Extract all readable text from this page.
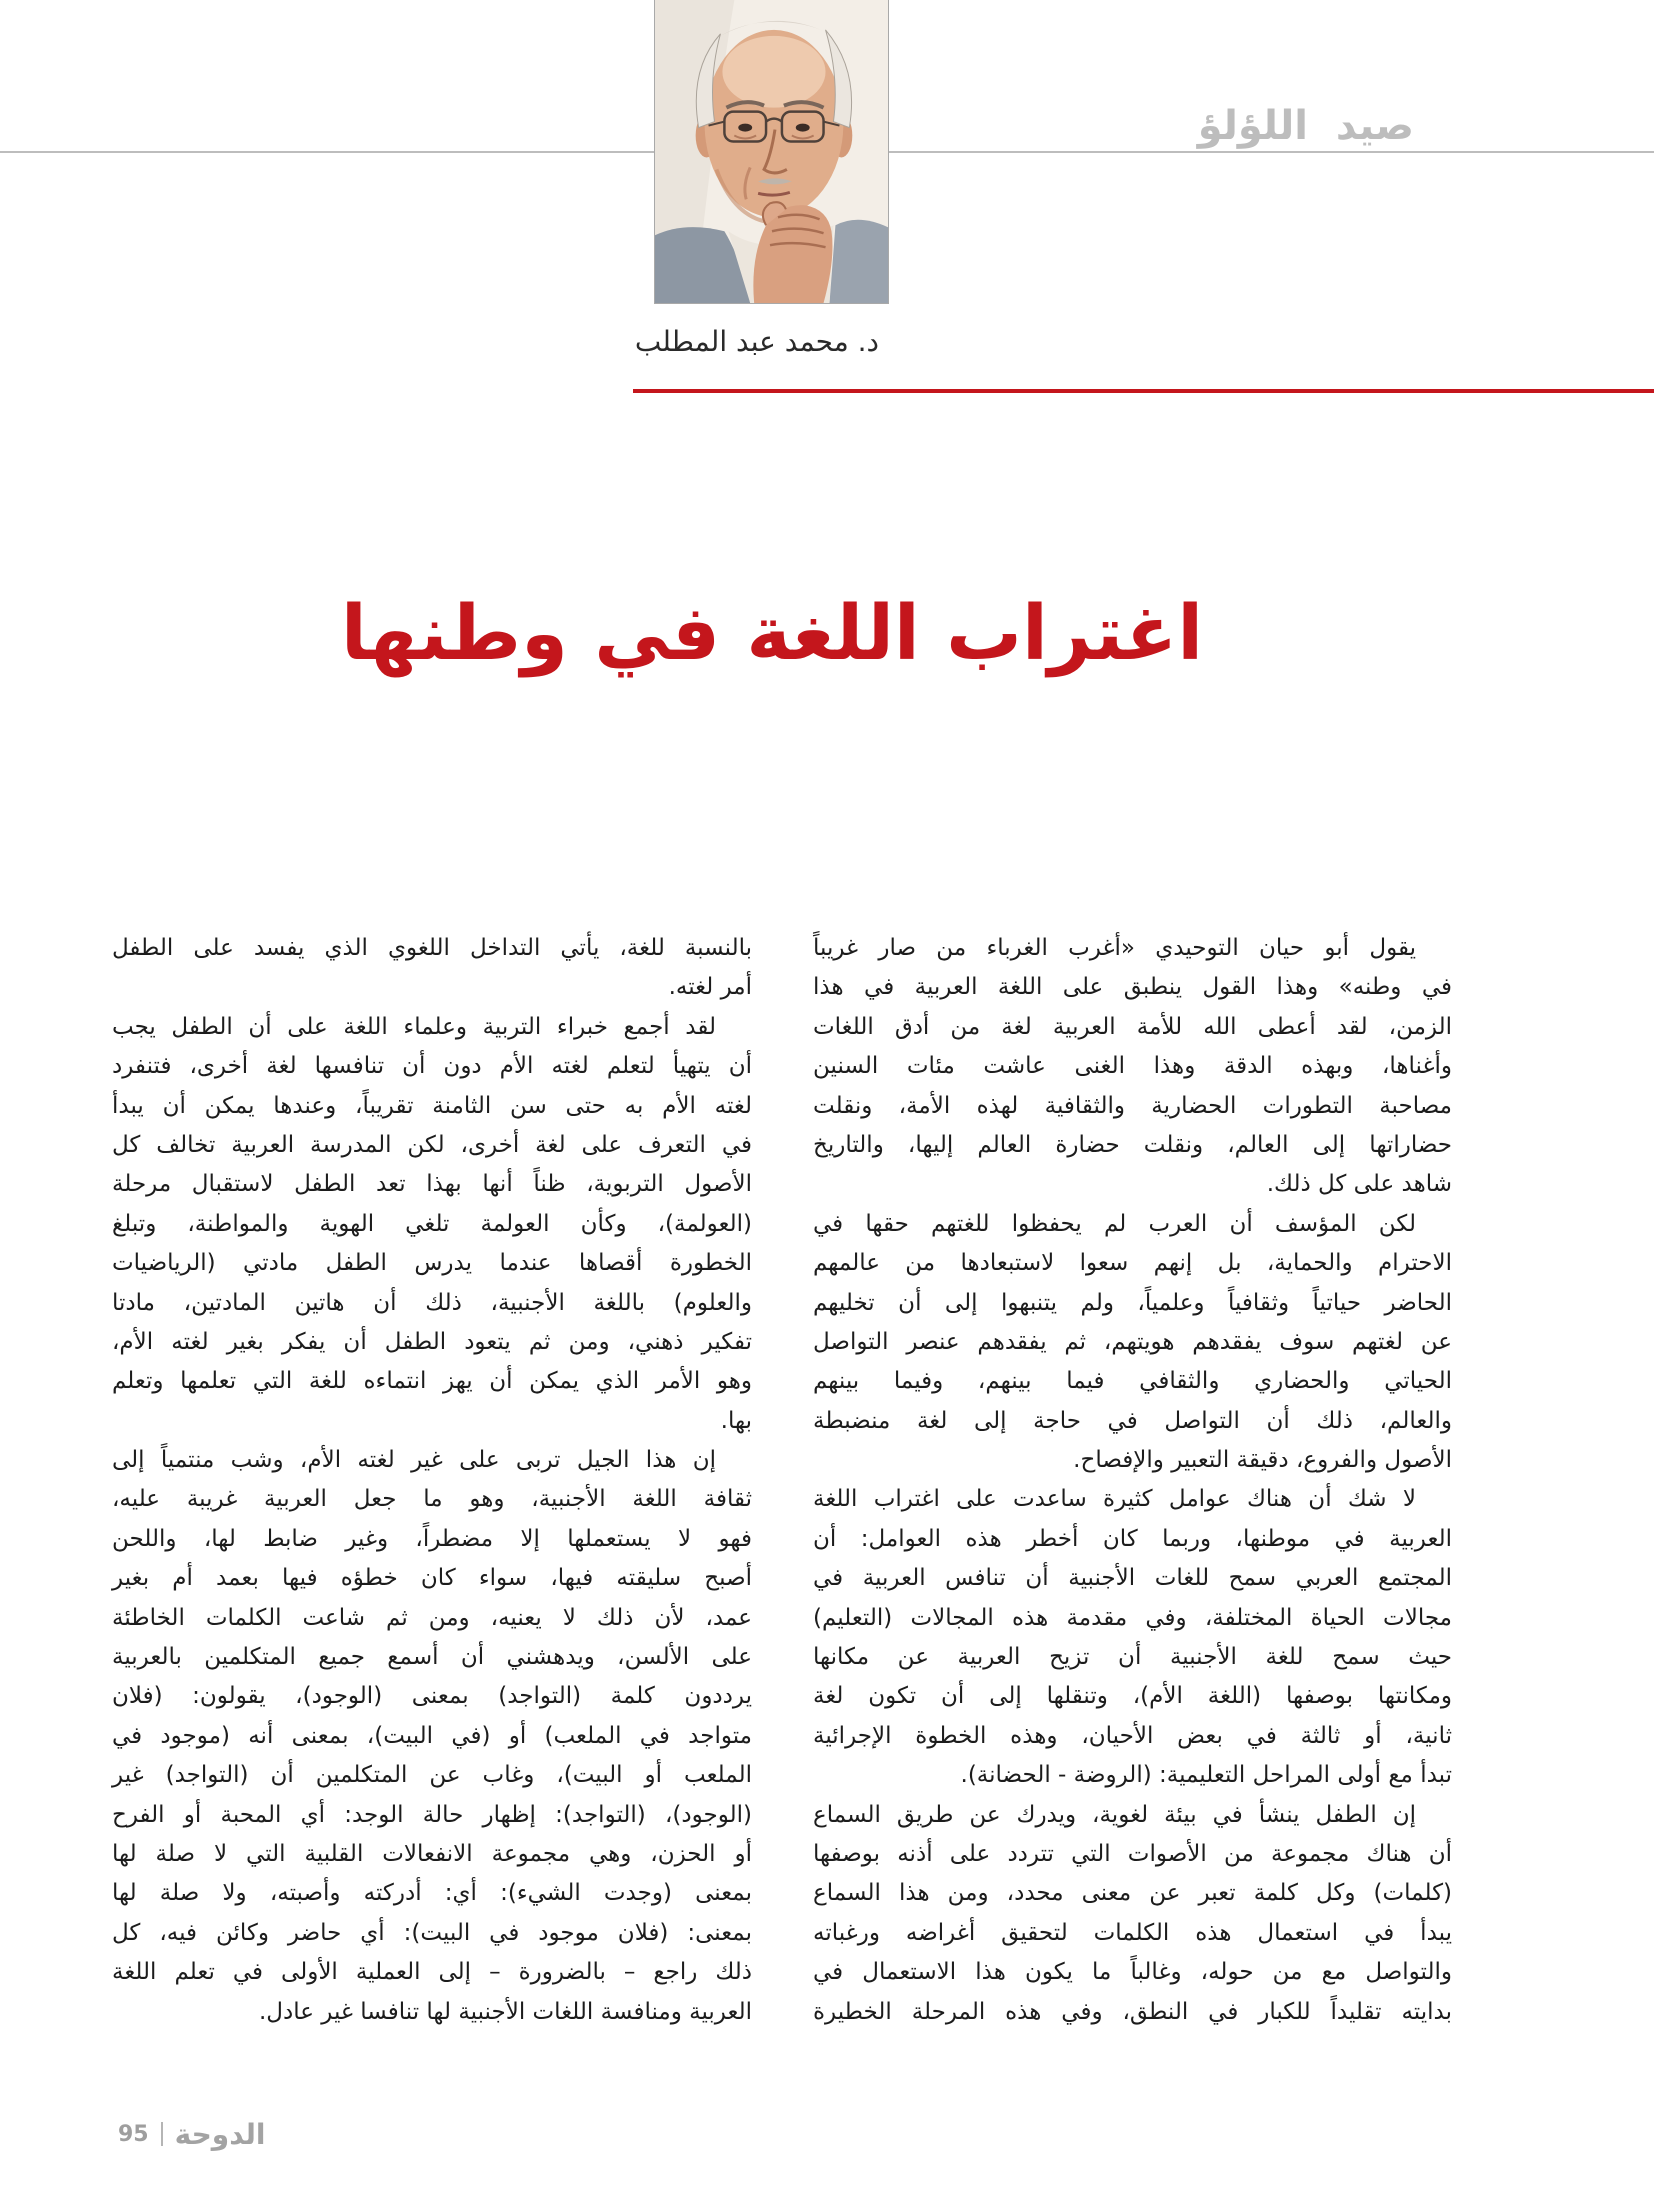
صيد اللؤلؤ
د. محمد عبد المطلب
اغتراب اللغة في وطنها
يقول أبو حيان التوحيدي «أغرب الغرباء من صار غريباً
في وطنه» وهذا القول ينطبق على اللغة العربية في هذا
الزمن، لقد أعطى الله للأمة العربية لغة من أدق اللغات
وأغناها، وبهذه الدقة وهذا الغنى عاشت مئات السنين
مصاحبة التطورات الحضارية والثقافية لهذه الأمة، ونقلت
حضاراتها إلى العالم، ونقلت حضارة العالم إليها، والتاريخ
شاهد على كل ذلك.
لكن المؤسف أن العرب لم يحفظوا للغتهم حقها في
الاحترام والحماية، بل إنهم سعوا لاستبعادها من عالمهم
الحاضر حياتياً وثقافياً وعلمياً، ولم يتنبهوا إلى أن تخليهم
عن لغتهم سوف يفقدهم هويتهم، ثم يفقدهم عنصر التواصل
الحياتي والحضاري والثقافي فيما بينهم، وفيما بينهم
والعالم، ذلك أن التواصل في حاجة إلى لغة منضبطة
الأصول والفروع، دقيقة التعبير والإفصاح.
لا شك أن هناك عوامل كثيرة ساعدت على اغتراب اللغة
العربية في موطنها، وربما كان أخطر هذه العوامل: أن
المجتمع العربي سمح للغات الأجنبية أن تنافس العربية في
مجالات الحياة المختلفة، وفي مقدمة هذه المجالات (التعليم)
حيث سمح للغة الأجنبية أن تزيح العربية عن مكانها
ومكانتها بوصفها (اللغة الأم)، وتنقلها إلى أن تكون لغة
ثانية، أو ثالثة في بعض الأحيان، وهذه الخطوة الإجرائية
تبدأ مع أولى المراحل التعليمية: (الروضة - الحضانة).
إن الطفل ينشأ في بيئة لغوية، ويدرك عن طريق السماع
أن هناك مجموعة من الأصوات التي تتردد على أذنه بوصفها
(كلمات) وكل كلمة تعبر عن معنى محدد، ومن هذا السماع
يبدأ في استعمال هذه الكلمات لتحقيق أغراضه ورغباته
والتواصل مع من حوله، وغالباً ما يكون هذا الاستعمال في
بدايته تقليداً للكبار في النطق، وفي هذه المرحلة الخطيرة
بالنسبة للغة، يأتي التداخل اللغوي الذي يفسد على الطفل
أمر لغته.
لقد أجمع خبراء التربية وعلماء اللغة على أن الطفل يجب
أن يتهيأ لتعلم لغته الأم دون أن تنافسها لغة أخرى، فتنفرد
لغته الأم به حتى سن الثامنة تقريباً، وعندها يمكن أن يبدأ
في التعرف على لغة أخرى، لكن المدرسة العربية تخالف كل
الأصول التربوية، ظناً أنها بهذا تعد الطفل لاستقبال مرحلة
(العولمة)، وكأن العولمة تلغي الهوية والمواطنة، وتبلغ
الخطورة أقصاها عندما يدرس الطفل مادتي (الرياضيات
والعلوم) باللغة الأجنبية، ذلك أن هاتين المادتين، مادتا
تفكير ذهني، ومن ثم يتعود الطفل أن يفكر بغير لغته الأم،
وهو الأمر الذي يمكن أن يهز انتماءه للغة التي تعلمها وتعلم
بها.
إن هذا الجيل تربى على غير لغته الأم، وشب منتمياً إلى
ثقافة اللغة الأجنبية، وهو ما جعل العربية غريبة عليه،
فهو لا يستعملها إلا مضطراً، وغير ضابط لها، واللحن
أصبح سليقته فيها، سواء كان خطؤه فيها بعمد أم بغير
عمد، لأن ذلك لا يعنيه، ومن ثم شاعت الكلمات الخاطئة
على الألسن، ويدهشني أن أسمع جميع المتكلمين بالعربية
يرددون كلمة (التواجد) بمعنى (الوجود)، يقولون: (فلان
متواجد في الملعب) أو (في البيت)، بمعنى أنه (موجود في
الملعب أو البيت)، وغاب عن المتكلمين أن (التواجد) غير
(الوجود)، (التواجد): إظهار حالة الوجد: أي المحبة أو الفرح
أو الحزن، وهي مجموعة الانفعالات القلبية التي لا صلة لها
بمعنى (وجدت الشيء): أي: أدركته وأصبته، ولا صلة لها
بمعنى: (فلان موجود في البيت): أي حاضر وكائن فيه، كل
ذلك راجع – بالضرورة – إلى العملية الأولى في تعلم اللغة
العربية ومنافسة اللغات الأجنبية لها تنافسا غير عادل.
95 الدوحة
